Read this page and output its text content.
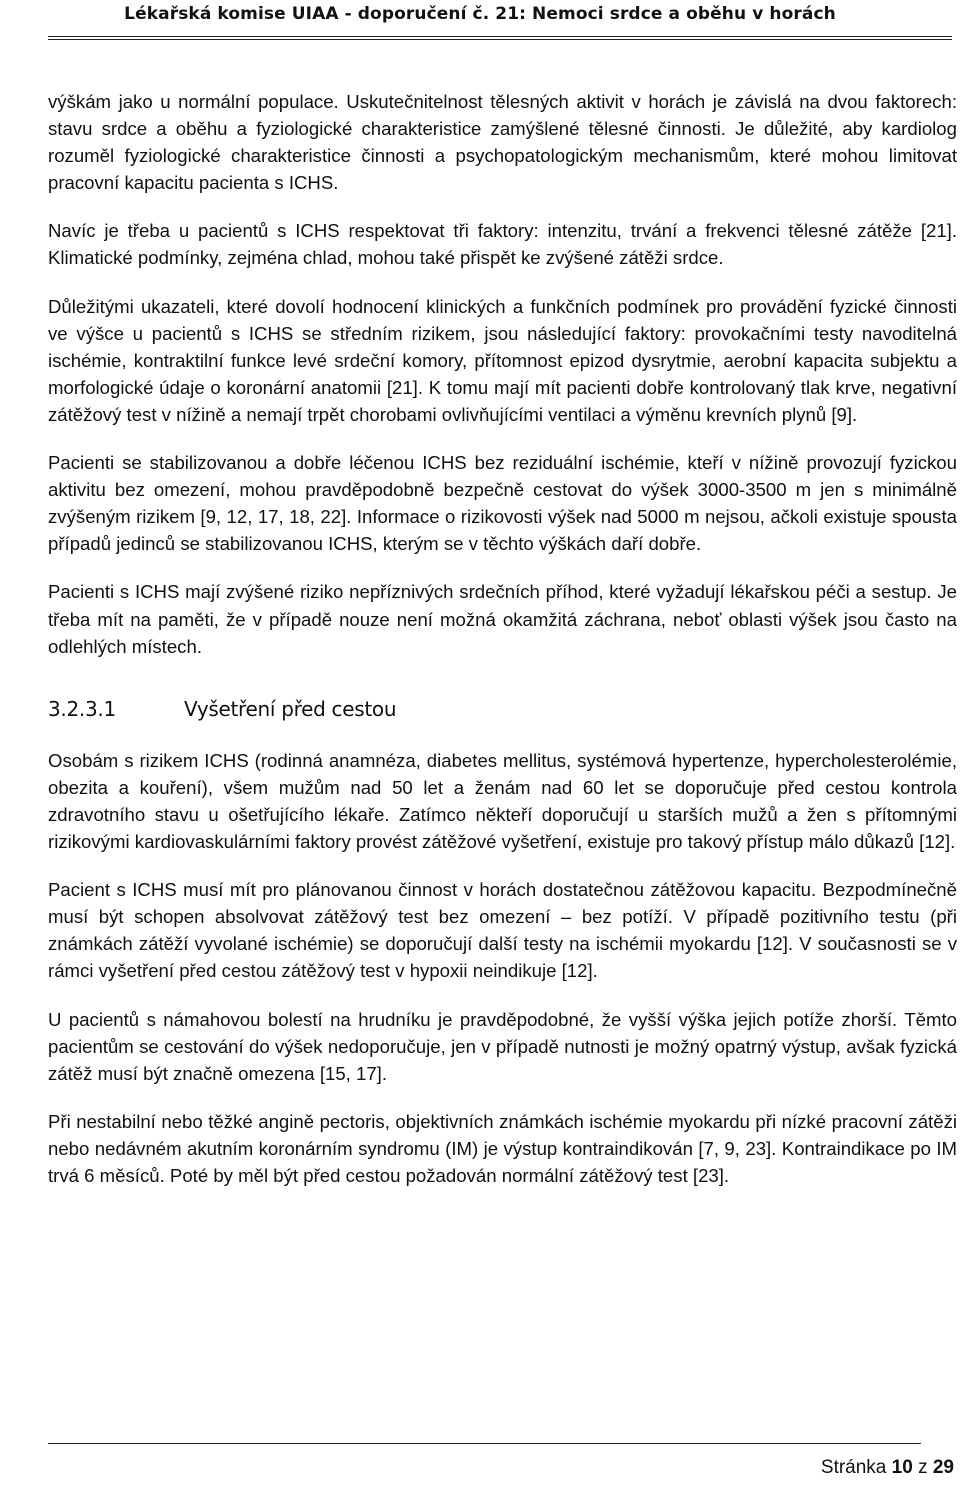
Lékařská komise UIAA - doporučení č. 21: Nemoci srdce a oběhu v horách

výškám jako u normální populace. Uskutečnitelnost tělesných aktivit v horách je závislá na dvou faktorech: stavu srdce a oběhu a fyziologické charakteristice zamýšlené tělesné činnosti. Je důležité, aby kardiolog rozuměl fyziologické charakteristice činnosti a psychopatologickým mechanismům, které mohou limitovat pracovní kapacitu pacienta s ICHS.

Navíc je třeba u pacientů s ICHS respektovat tři faktory: intenzitu, trvání a frekvenci tělesné zátěže [21]. Klimatické podmínky, zejména chlad, mohou také přispět ke zvýšené zátěži srdce.

Důležitými ukazateli, které dovolí hodnocení klinických a funkčních podmínek pro provádění fyzické činnosti ve výšce u pacientů s ICHS se středním rizikem, jsou následující faktory: provokačními testy navoditelná ischémie, kontraktilní funkce levé srdeční komory, přítomnost epizod dysrytmie, aerobní kapacita subjektu a morfologické údaje o koronární anatomii [21]. K tomu mají mít pacienti dobře kontrolovaný tlak krve, negativní zátěžový test v nížině a nemají trpět chorobami ovlivňujícími ventilaci a výměnu krevních plynů [9].

Pacienti se stabilizovanou a dobře léčenou ICHS bez reziduální ischémie, kteří v nížině provozují fyzickou aktivitu bez omezení, mohou pravděpodobně bezpečně cestovat do výšek 3000-3500 m jen s minimálně zvýšeným rizikem [9, 12, 17, 18, 22]. Informace o rizikovosti výšek nad 5000 m nejsou, ačkoli existuje spousta případů jedinců se stabilizovanou ICHS, kterým se v těchto výškách daří dobře.

Pacienti s ICHS mají zvýšené riziko nepříznivých srdečních příhod, které vyžadují lékařskou péči a sestup. Je třeba mít na paměti, že v případě nouze není možná okamžitá záchrana, neboť oblasti výšek jsou často na odlehlých místech.

3.2.3.1	Vyšetření před cestou

Osobám s rizikem ICHS (rodinná anamnéza, diabetes mellitus, systémová hypertenze, hypercholesterolémie, obezita a kouření), všem mužům nad 50 let a ženám nad 60 let se doporučuje před cestou kontrola zdravotního stavu u ošetřujícího lékaře. Zatímco někteří doporučují u starších mužů a žen s přítomnými rizikovými kardiovaskulárními faktory provést zátěžové vyšetření, existuje pro takový přístup málo důkazů [12].

Pacient s ICHS musí mít pro plánovanou činnost v horách dostatečnou zátěžovou kapacitu. Bezpodmínečně musí být schopen absolvovat zátěžový test bez omezení – bez potíží. V případě pozitivního testu (při známkách zátěží vyvolané ischémie) se doporučují další testy na ischémii myokardu [12]. V současnosti se v rámci vyšetření před cestou zátěžový test v hypoxii neindikuje [12].

U pacientů s námahovou bolestí na hrudníku je pravděpodobné, že vyšší výška jejich potíže zhorší. Těmto pacientům se cestování do výšek nedoporučuje, jen v případě nutnosti je možný opatrný výstup, avšak fyzická zátěž musí být značně omezena [15, 17].

Při nestabilní nebo těžké angině pectoris, objektivních známkách ischémie myokardu při nízké pracovní zátěži nebo nedávném akutním koronárním syndromu (IM) je výstup kontraindikován [7, 9, 23]. Kontraindikace po IM trvá 6 měsíců. Poté by měl být před cestou požadován normální zátěžový test [23].

Stránka 10 z 29
